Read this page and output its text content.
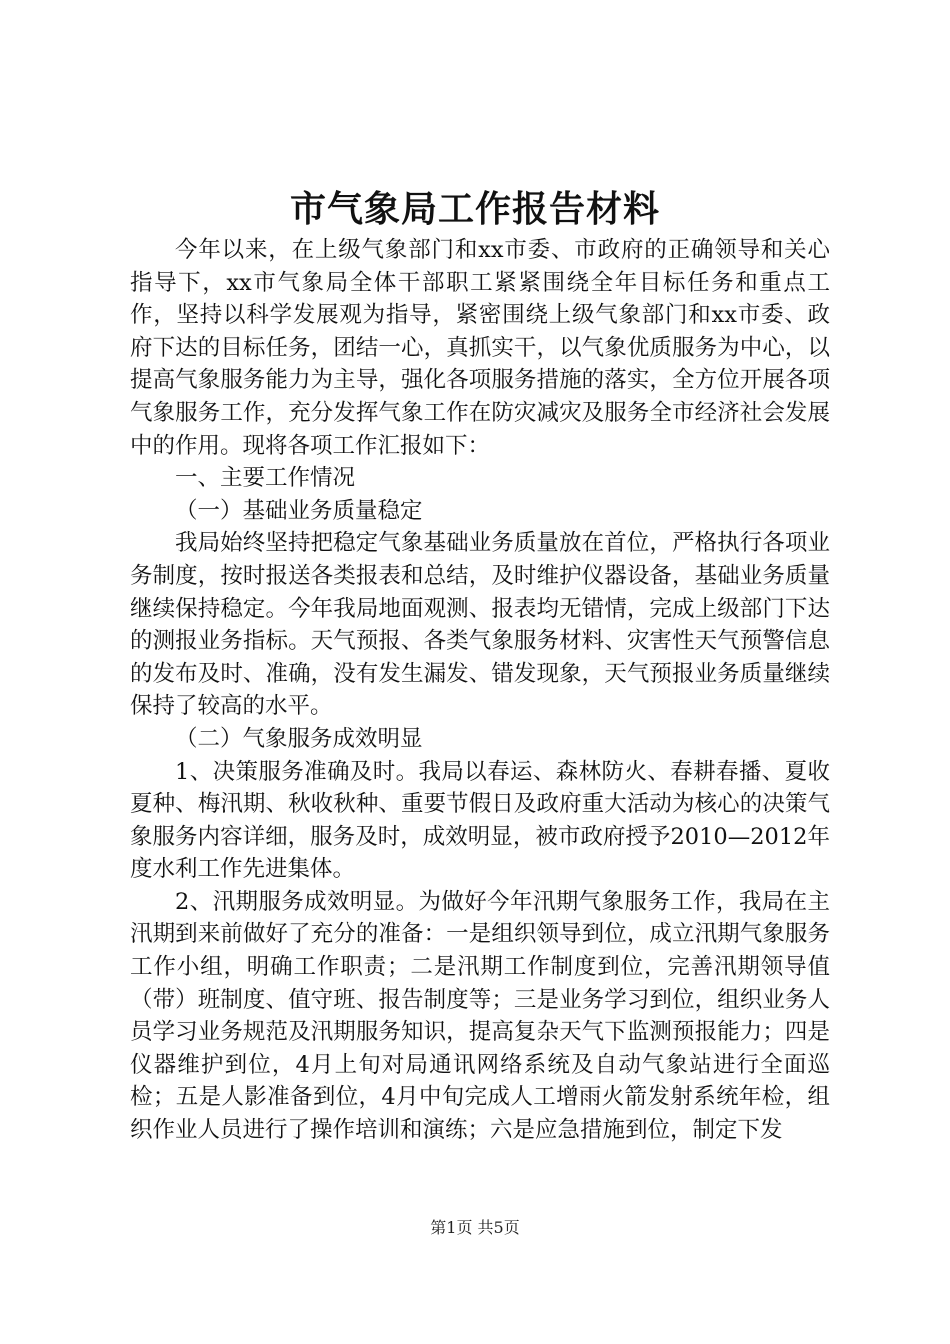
市气象局工作报告材料

今年以来，在上级气象部门和xx市委、市政府的正确领导和关心指导下，xx市气象局全体干部职工紧紧围绕全年目标任务和重点工作，坚持以科学发展观为指导，紧密围绕上级气象部门和xx市委、政府下达的目标任务，团结一心，真抓实干，以气象优质服务为中心，以提高气象服务能力为主导，强化各项服务措施的落实，全方位开展各项气象服务工作，充分发挥气象工作在防灾减灾及服务全市经济社会发展中的作用。现将各项工作汇报如下：

一、主要工作情况

（一）基础业务质量稳定

我局始终坚持把稳定气象基础业务质量放在首位，严格执行各项业务制度，按时报送各类报表和总结，及时维护仪器设备，基础业务质量继续保持稳定。今年我局地面观测、报表均无错情，完成上级部门下达的测报业务指标。天气预报、各类气象服务材料、灾害性天气预警信息的发布及时、准确，没有发生漏发、错发现象，天气预报业务质量继续保持了较高的水平。

（二）气象服务成效明显

1、决策服务准确及时。我局以春运、森林防火、春耕春播、夏收夏种、梅汛期、秋收秋种、重要节假日及政府重大活动为核心的决策气象服务内容详细，服务及时，成效明显，被市政府授予2010—2012年度水利工作先进集体。

2、汛期服务成效明显。为做好今年汛期气象服务工作，我局在主汛期到来前做好了充分的准备：一是组织领导到位，成立汛期气象服务工作小组，明确工作职责；二是汛期工作制度到位，完善汛期领导值（带）班制度、值守班、报告制度等；三是业务学习到位，组织业务人员学习业务规范及汛期服务知识，提高复杂天气下监测预报能力；四是仪器维护到位，4月上旬对局通讯网络系统及自动气象站进行全面巡检；五是人影准备到位，4月中旬完成人工增雨火箭发射系统年检，组织作业人员进行了操作培训和演练；六是应急措施到位，制定下发

第1页 共5页
